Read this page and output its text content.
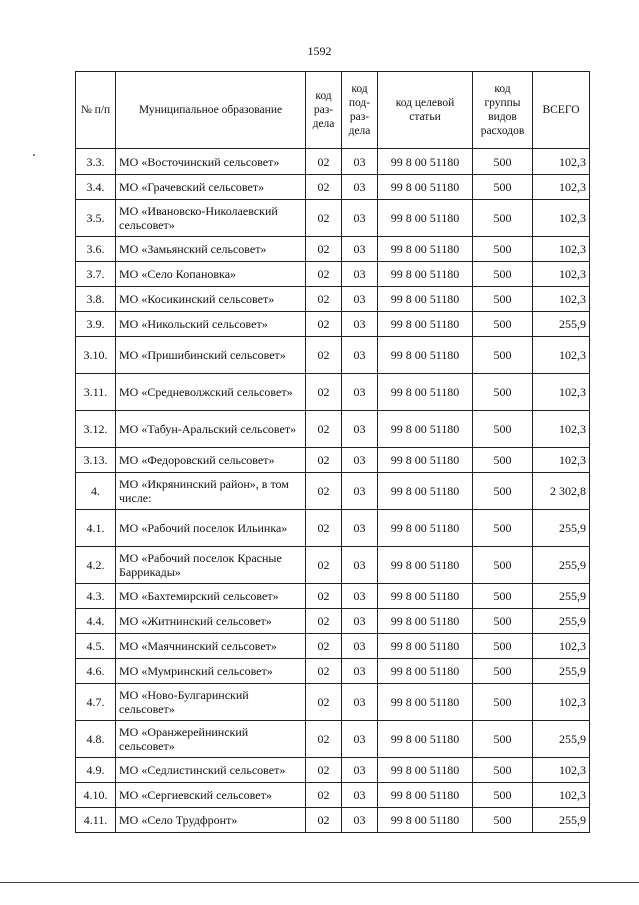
1592
№ п/п	Муниципальное образование	код раз-дела	код под-раз-дела	код целевой статьи	код группы видов расходов	ВСЕГО
3.3.	МО «Восточинский сельсовет»	02	03	99 8 00 51180	500	102,3
3.4.	МО «Грачевский сельсовет»	02	03	99 8 00 51180	500	102,3
3.5.	МО «Ивановско-Николаевский сельсовет»	02	03	99 8 00 51180	500	102,3
3.6.	МО «Замьянский сельсовет»	02	03	99 8 00 51180	500	102,3
3.7.	МО «Село Копановка»	02	03	99 8 00 51180	500	102,3
3.8.	МО «Косикинский сельсовет»	02	03	99 8 00 51180	500	102,3
3.9.	МО «Никольский сельсовет»	02	03	99 8 00 51180	500	255,9
3.10.	МО «Пришибинский сельсовет»	02	03	99 8 00 51180	500	102,3
3.11.	МО «Средневолжский сельсовет»	02	03	99 8 00 51180	500	102,3
3.12.	МО «Табун-Аральский сельсовет»	02	03	99 8 00 51180	500	102,3
3.13.	МО «Федоровский сельсовет»	02	03	99 8 00 51180	500	102,3
4.	МО «Икрянинский район», в том числе:	02	03	99 8 00 51180	500	2 302,8
4.1.	МО «Рабочий поселок Ильинка»	02	03	99 8 00 51180	500	255,9
4.2.	МО «Рабочий поселок Красные Баррикады»	02	03	99 8 00 51180	500	255,9
4.3.	МО «Бахтемирский сельсовет»	02	03	99 8 00 51180	500	255,9
4.4.	МО «Житнинский сельсовет»	02	03	99 8 00 51180	500	255,9
4.5.	МО «Маячнинский сельсовет»	02	03	99 8 00 51180	500	102,3
4.6.	МО «Мумринский сельсовет»	02	03	99 8 00 51180	500	255,9
4.7.	МО «Ново-Булгаринский сельсовет»	02	03	99 8 00 51180	500	102,3
4.8.	МО «Оранжерейнинский сельсовет»	02	03	99 8 00 51180	500	255,9
4.9.	МО «Седлистинский сельсовет»	02	03	99 8 00 51180	500	102,3
4.10.	МО «Сергиевский сельсовет»	02	03	99 8 00 51180	500	102,3
4.11.	МО «Село Трудфронт»	02	03	99 8 00 51180	500	255,9
